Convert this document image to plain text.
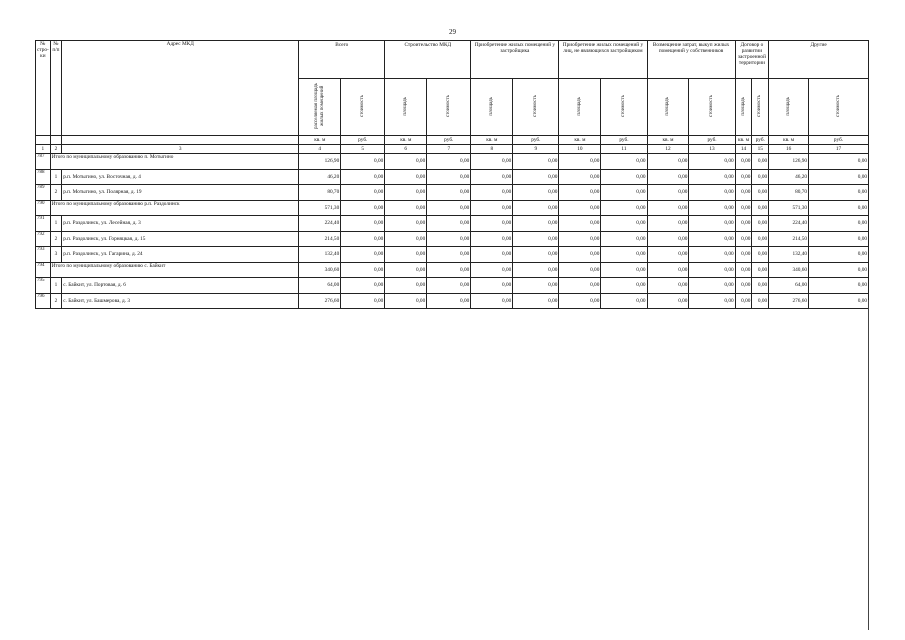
29
№ стро-ки	№ п/п	Адрес МКД	Всего		Строительство МКД		Приобретение жилых помещений у застройщика		Приобретение жилых помещений у лиц, не являющихся застройщиком		Возмещение затрат, выкуп жилых помещений у собственников		Договор о развитии застроенной территории		Другие	
			расселяемая площадь жилых помещений	стоимость	площадь	стоимость	площадь	стоимость	площадь	стоимость	площадь	стоимость	площадь	стоимость	площадь	стоимость
			кв. м	руб.	кв. м	руб.	кв. м	руб.	кв. м	руб.	кв. м	руб.	кв. м	руб.	кв. м	руб.
1	2	3	4	5	6	7	8	9	10	11	12	13	14	15	16	17
787	Итого по муниципальному образованию п. Мотыгино		126,90	0,00	0,00	0,00	0,00	0,00	0,00	0,00	0,00	0,00	0,00	0,00	126,90	0,00
788	1	р.п. Мотыгино, ул. Восточная, д. 4	46,20	0,00	0,00	0,00	0,00	0,00	0,00	0,00	0,00	0,00	0,00	0,00	46,20	0,00
789	2	р.п. Мотыгино, ул. Полярная, д. 19	80,70	0,00	0,00	0,00	0,00	0,00	0,00	0,00	0,00	0,00	0,00	0,00	80,70	0,00
790	Итого по муниципальному образованию р.п. Раздолинск		571,30	0,00	0,00	0,00	0,00	0,00	0,00	0,00	0,00	0,00	0,00	0,00	571,30	0,00
791	1	р.п. Раздолинск, ул. Лесейная, д. 3	224,40	0,00	0,00	0,00	0,00	0,00	0,00	0,00	0,00	0,00	0,00	0,00	224,40	0,00
792	2	р.п. Раздолинск, ул. Горняцкая, д. 15	214,50	0,00	0,00	0,00	0,00	0,00	0,00	0,00	0,00	0,00	0,00	0,00	214,50	0,00
793	3	р.п. Раздолинск, ул. Гагарина, д. 24	132,40	0,00	0,00	0,00	0,00	0,00	0,00	0,00	0,00	0,00	0,00	0,00	132,40	0,00
794	Итого по муниципальному образованию с. Байкит		340,60	0,00	0,00	0,00	0,00	0,00	0,00	0,00	0,00	0,00	0,00	0,00	340,60	0,00
795	1	с. Байкит, ул. Портовая, д. 6	64,00	0,00	0,00	0,00	0,00	0,00	0,00	0,00	0,00	0,00	0,00	0,00	64,00	0,00
796	2	с. Байкит, ул. Башмерова, д. 3	276,60	0,00	0,00	0,00	0,00	0,00	0,00	0,00	0,00	0,00	0,00	0,00	276,60	0,00
